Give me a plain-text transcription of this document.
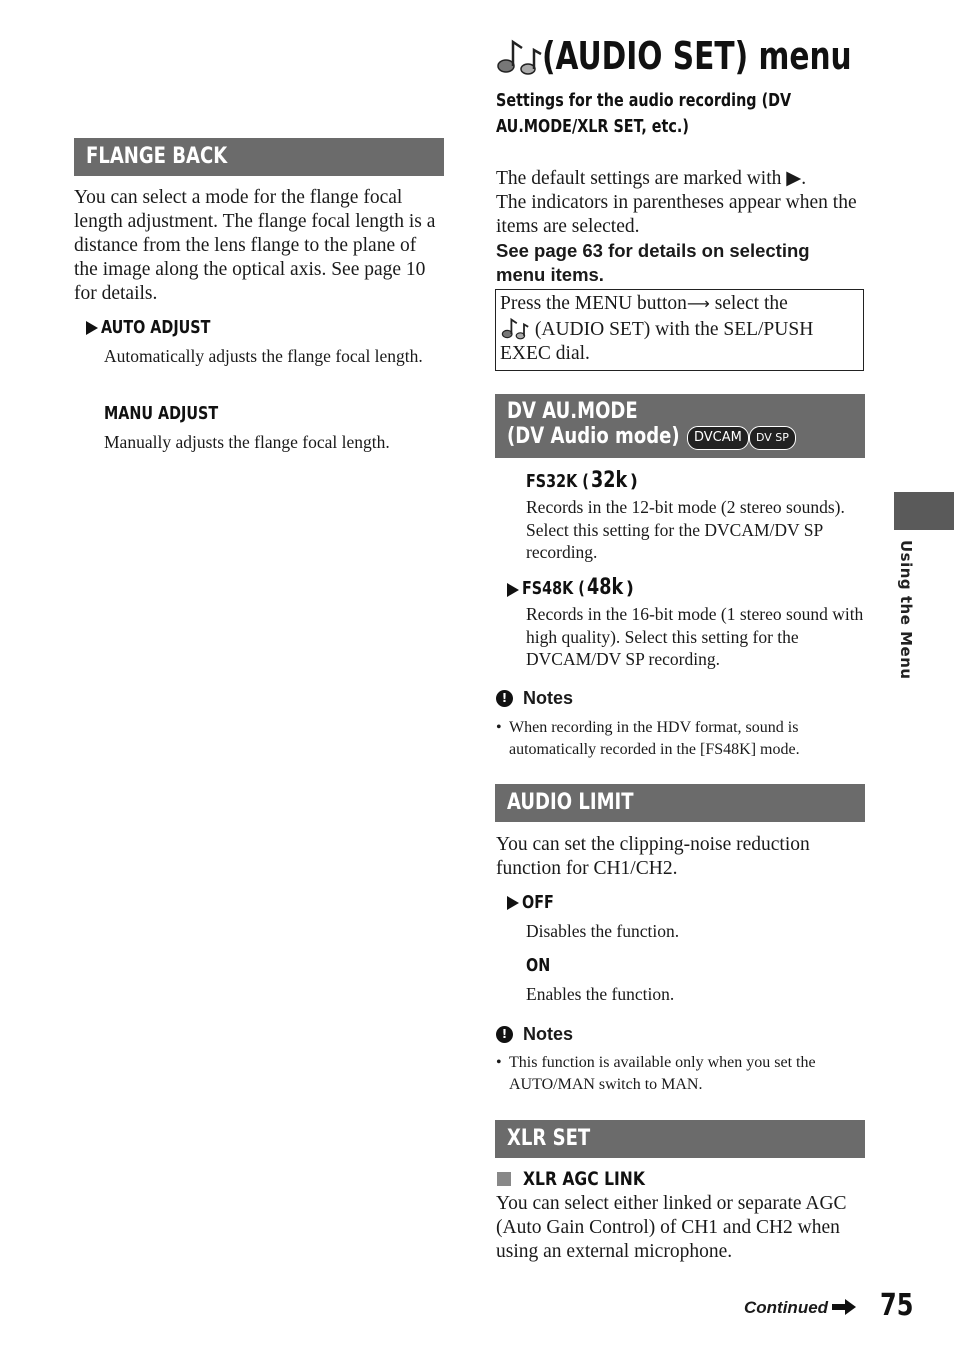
FLANGE BACK
You can select a mode for the flange focal length adjustment. The flange focal length is a distance from the lens flange to the plane of the image along the optical axis. See page 10 for details.
AUTO ADJUST
Automatically adjusts the flange focal length.
MANU ADJUST
Manually adjusts the flange focal length.
(AUDIO SET) menu
Settings for the audio recording (DV AU.MODE/XLR SET, etc.)
The default settings are marked with ▶.
The indicators in parentheses appear when the items are selected.
See page 63 for details on selecting menu items.
Press the MENU button⟶ select the
(AUDIO SET) with the SEL/PUSH
EXEC dial.
DV AU.MODE
(DV Audio mode)	DVCAM	DV SP
FS32K (32k )
Records in the 12-bit mode (2 stereo sounds). Select this setting for the DVCAM/DV SP recording.
FS48K (48k )
Records in the 16-bit mode (1 stereo sound with high quality). Select this setting for the DVCAM/DV SP recording.
! Notes
• When recording in the HDV format, sound is automatically recorded in the [FS48K] mode.
AUDIO LIMIT
You can set the clipping-noise reduction function for CH1/CH2.
OFF
Disables the function.
ON
Enables the function.
! Notes
• This function is available only when you set the AUTO/MAN switch to MAN.
XLR SET
XLR AGC LINK
You can select either linked or separate AGC (Auto Gain Control) of CH1 and CH2 when using an external microphone.
Using the Menu
Continued	75
